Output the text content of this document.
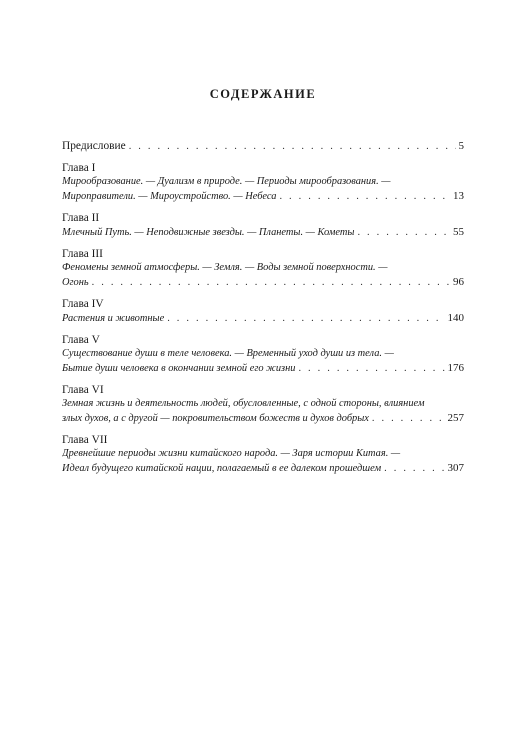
СОДЕРЖАНИЕ
Предисловие . . .	5
Глава I
Мирообразование. — Дуализм в природе. — Периоды мирообразования. —
Мироправители. — Мироустройство. — Небеса . . .	13
Глава II
Млечный Путь. — Неподвижные звезды. — Планеты. — Кометы . . .	55
Глава III
Феномены земной атмосферы. — Земля. — Воды земной поверхности. —
Огонь . . .	96
Глава IV
Растения и животные . . .	140
Глава V
Существование души в теле человека. — Временный уход души из тела. —
Бытие души человека в окончании земной его жизни . . .	176
Глава VI
Земная жизнь и деятельность людей, обусловленные, с одной стороны, влиянием
злых духов, а с другой — покровительством божеств и духов добрых . . .	257
Глава VII
Древнейшие периоды жизни китайского народа. — Заря истории Китая. —
Идеал будущего китайской нации, полагаемый в ее далеком прошедшем . . .	307
